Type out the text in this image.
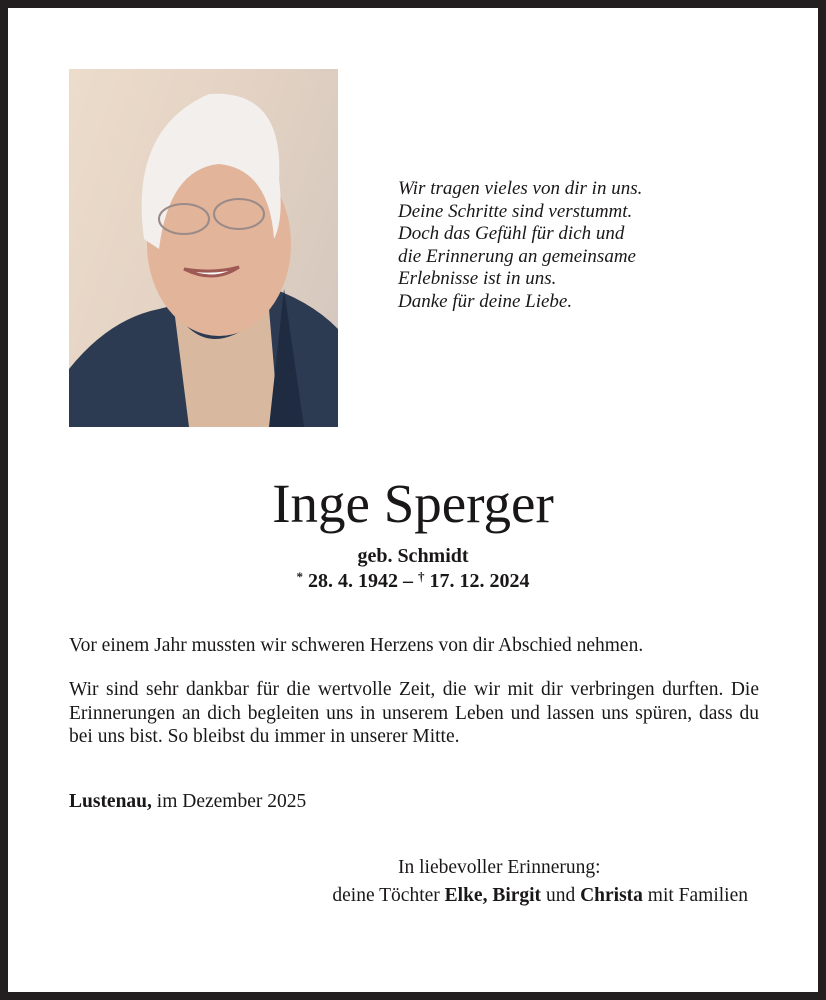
Wir tragen vieles von dir in uns.
Deine Schritte sind verstummt.
Doch das Gefühl für dich und
die Erinnerung an gemeinsame
Erlebnisse ist in uns.
Danke für deine Liebe.
Inge Sperger
geb. Schmidt
* 28. 4. 1942 – † 17. 12. 2024
Vor einem Jahr mussten wir schweren Herzens von dir Abschied nehmen.
Wir sind sehr dankbar für die wertvolle Zeit, die wir mit dir verbringen durften. Die Erinnerungen an dich begleiten uns in unserem Leben und lassen uns spüren, dass du bei uns bist. So bleibst du immer in unserer Mitte.
Lustenau, im Dezember 2025
In liebevoller Erinnerung:
deine Töchter Elke, Birgit und Christa mit Familien
